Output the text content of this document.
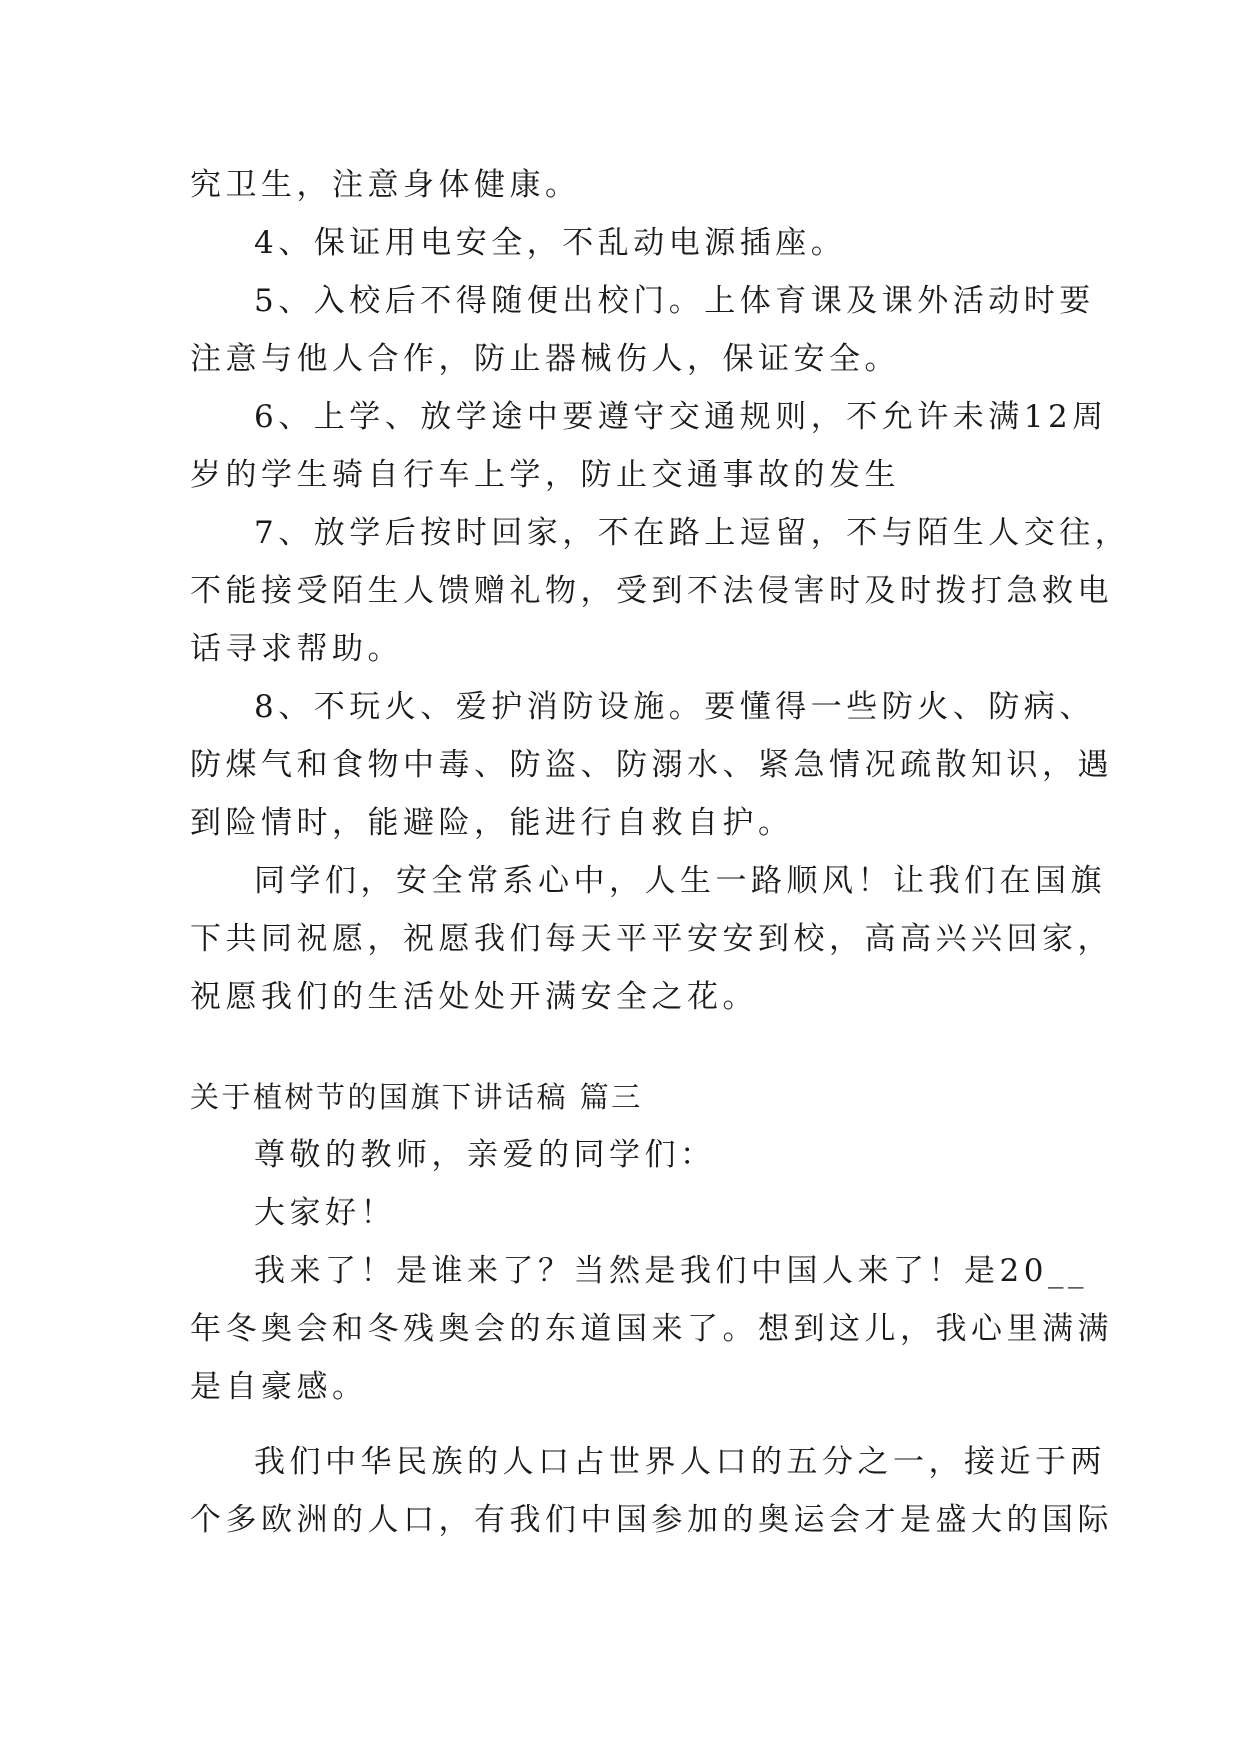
究卫生，注意身体健康。
4、保证用电安全，不乱动电源插座。
5、入校后不得随便出校门。上体育课及课外活动时要
注意与他人合作，防止器械伤人，保证安全。
6、上学、放学途中要遵守交通规则，不允许未满12周
岁的学生骑自行车上学，防止交通事故的发生
7、放学后按时回家，不在路上逗留，不与陌生人交往，
不能接受陌生人馈赠礼物，受到不法侵害时及时拨打急救电
话寻求帮助。
8、不玩火、爱护消防设施。要懂得一些防火、防病、
防煤气和食物中毒、防盗、防溺水、紧急情况疏散知识，遇
到险情时，能避险，能进行自救自护。
同学们，安全常系心中，人生一路顺风！让我们在国旗
下共同祝愿，祝愿我们每天平平安安到校，高高兴兴回家，
祝愿我们的生活处处开满安全之花。
关于植树节的国旗下讲话稿 篇三
尊敬的教师，亲爱的同学们：
大家好！
我来了！是谁来了？当然是我们中国人来了！是20__
年冬奥会和冬残奥会的东道国来了。想到这儿，我心里满满
是自豪感。
我们中华民族的人口占世界人口的五分之一，接近于两
个多欧洲的人口，有我们中国参加的奥运会才是盛大的国际
